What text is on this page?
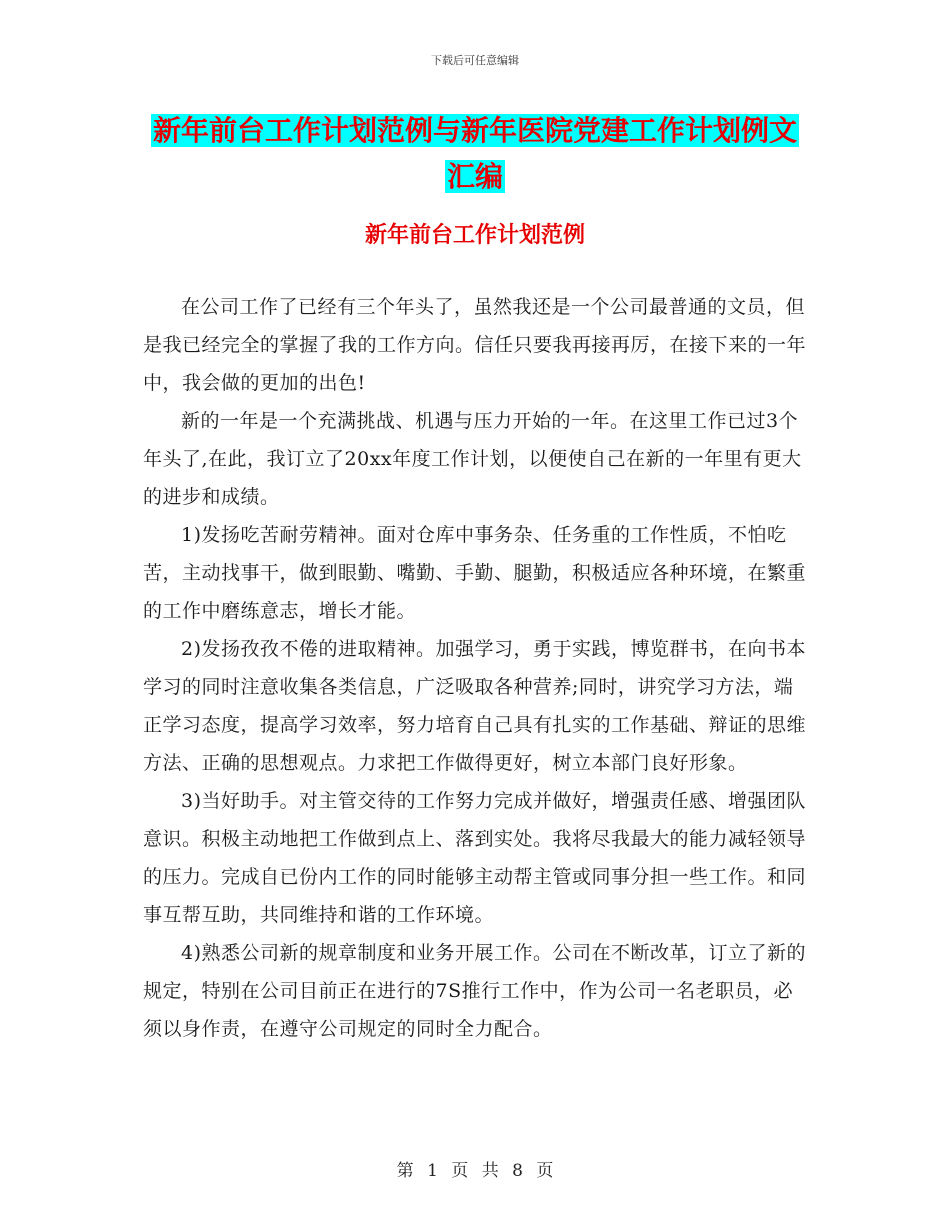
下载后可任意编辑
新年前台工作计划范例与新年医院党建工作计划例文
汇编
新年前台工作计划范例

在公司工作了已经有三个年头了，虽然我还是一个公司最普通的文员，但是我已经完全的掌握了我的工作方向。信任只要我再接再厉，在接下来的一年中，我会做的更加的出色!

新的一年是一个充满挑战、机遇与压力开始的一年。在这里工作已过3个年头了,在此，我订立了20xx年度工作计划，以便使自己在新的一年里有更大的进步和成绩。

1)发扬吃苦耐劳精神。面对仓库中事务杂、任务重的工作性质，不怕吃苦，主动找事干，做到眼勤、嘴勤、手勤、腿勤，积极适应各种环境，在繁重的工作中磨练意志，增长才能。

2)发扬孜孜不倦的进取精神。加强学习，勇于实践，博览群书，在向书本学习的同时注意收集各类信息，广泛吸取各种营养;同时，讲究学习方法，端正学习态度，提高学习效率，努力培育自己具有扎实的工作基础、辩证的思维方法、正确的思想观点。力求把工作做得更好，树立本部门良好形象。

3)当好助手。对主管交待的工作努力完成并做好，增强责任感、增强团队意识。积极主动地把工作做到点上、落到实处。我将尽我最大的能力减轻领导的压力。完成自已份内工作的同时能够主动帮主管或同事分担一些工作。和同事互帮互助，共同维持和谐的工作环境。

4)熟悉公司新的规章制度和业务开展工作。公司在不断改革，订立了新的规定，特别在公司目前正在进行的7S推行工作中，作为公司一名老职员，必须以身作责，在遵守公司规定的同时全力配合。

第 1 页 共 8 页
